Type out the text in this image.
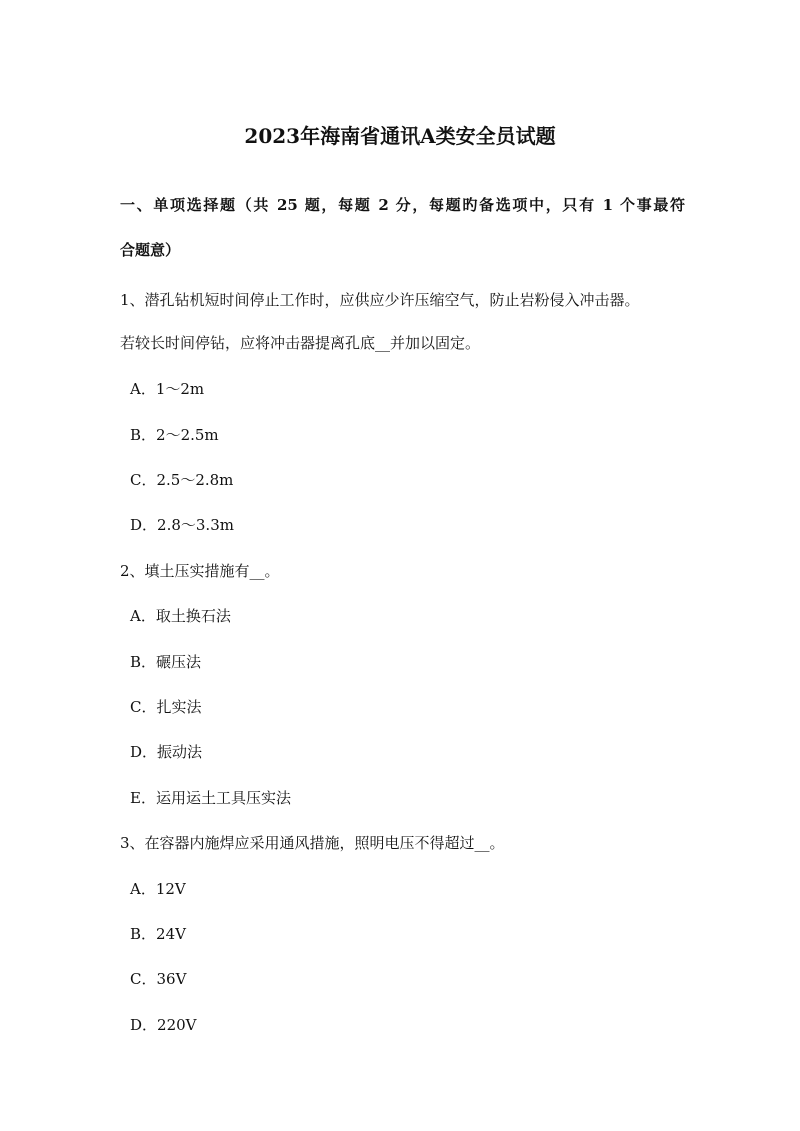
2023年海南省通讯A类安全员试题
一、单项选择题（共 25 题，每题 2 分，每题旳备选项中，只有 1 个事最符
合题意）
1、潜孔钻机短时间停止工作时，应供应少许压缩空气，防止岩粉侵入冲击器。
若较长时间停钻，应将冲击器提离孔底__并加以固定。
A．1～2m
B．2～2.5m
C．2.5～2.8m
D．2.8～3.3m
2、填土压实措施有__。
A．取土换石法
B．碾压法
C．扎实法
D．振动法
E．运用运土工具压实法
3、在容器内施焊应采用通风措施，照明电压不得超过__。
A．12V
B．24V
C．36V
D．220V
